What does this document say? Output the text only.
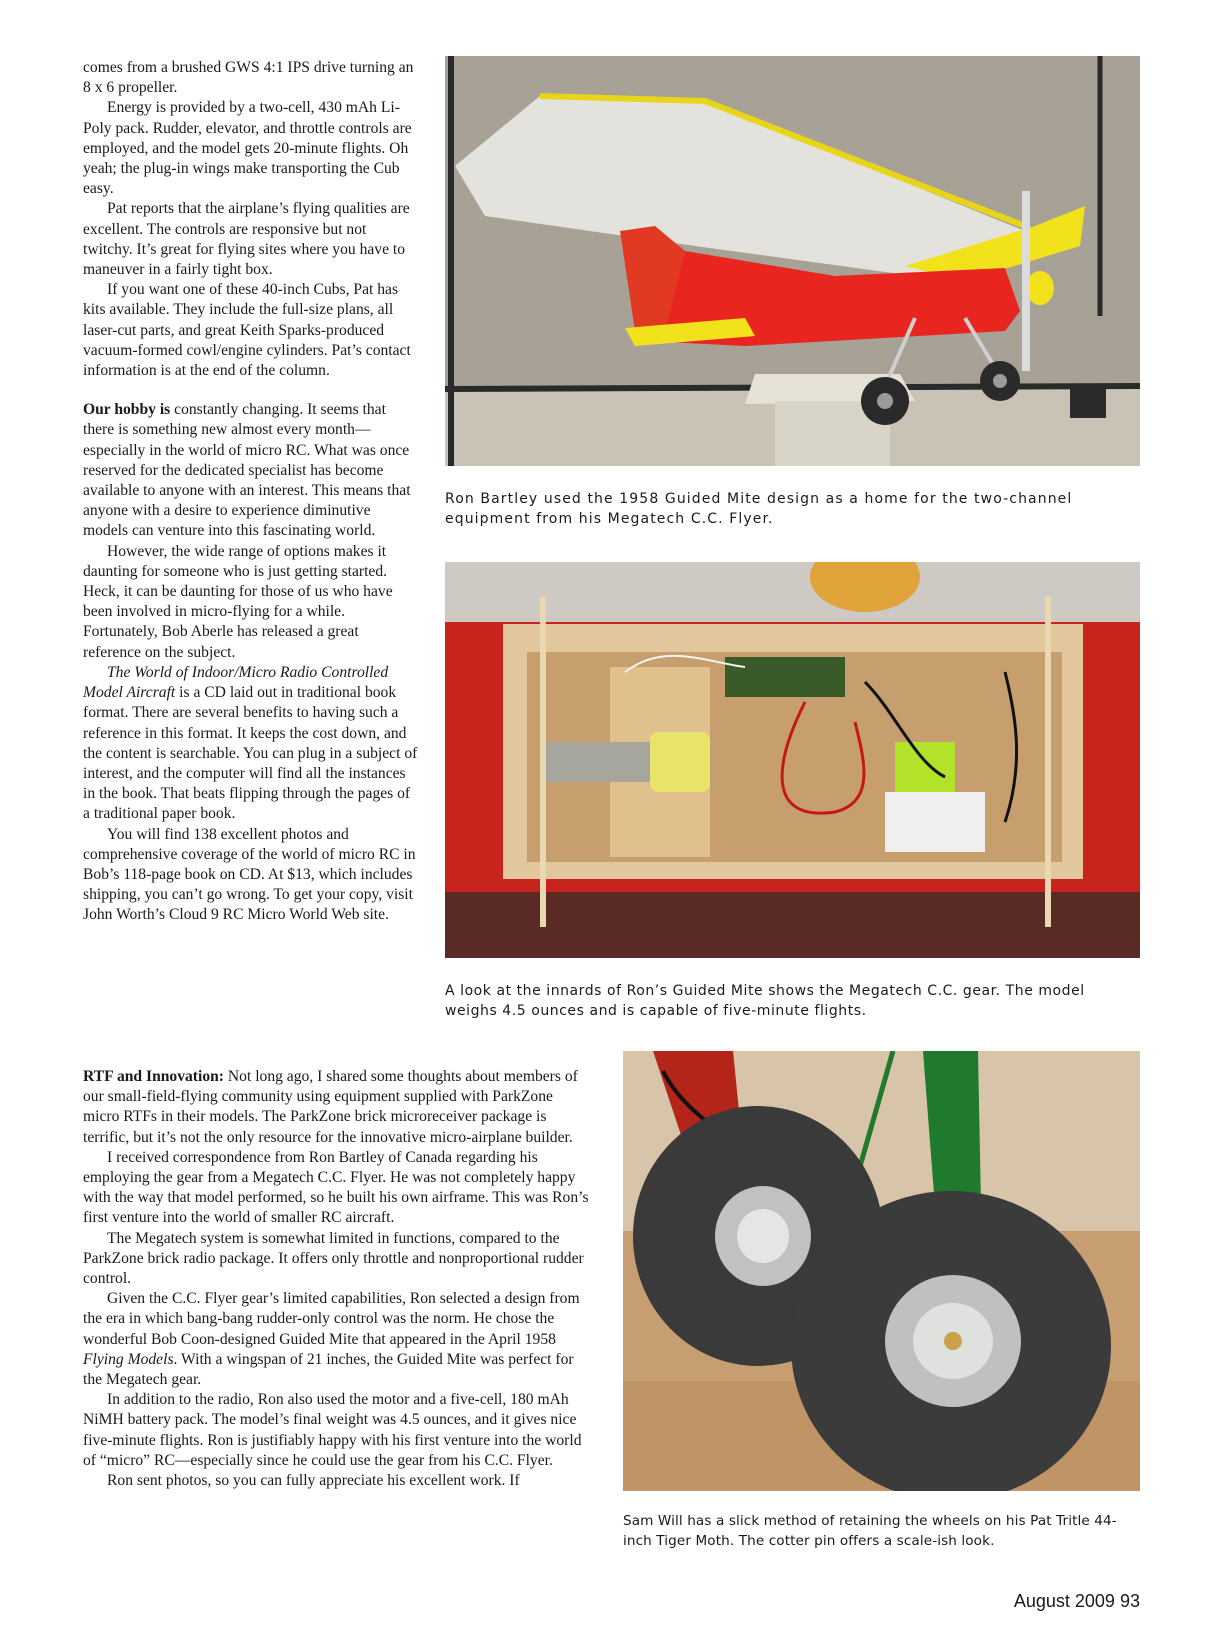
comes from a brushed GWS 4:1 IPS drive turning an 8 x 6 propeller.

Energy is provided by a two-cell, 430 mAh Li-Poly pack. Rudder, elevator, and throttle controls are employed, and the model gets 20-minute flights. Oh yeah; the plug-in wings make transporting the Cub easy.

Pat reports that the airplane’s flying qualities are excellent. The controls are responsive but not twitchy. It’s great for flying sites where you have to maneuver in a fairly tight box.

If you want one of these 40-inch Cubs, Pat has kits available. They include the full-size plans, all laser-cut parts, and great Keith Sparks-produced vacuum-formed cowl/engine cylinders. Pat’s contact information is at the end of the column.

Our hobby is constantly changing. It seems that there is something new almost every month—especially in the world of micro RC. What was once reserved for the dedicated specialist has become available to anyone with an interest. This means that anyone with a desire to experience diminutive models can venture into this fascinating world.

However, the wide range of options makes it daunting for someone who is just getting started. Heck, it can be daunting for those of us who have been involved in micro-flying for a while. Fortunately, Bob Aberle has released a great reference on the subject.

The World of Indoor/Micro Radio Controlled Model Aircraft is a CD laid out in traditional book format. There are several benefits to having such a reference in this format. It keeps the cost down, and the content is searchable. You can plug in a subject of interest, and the computer will find all the instances in the book. That beats flipping through the pages of a traditional paper book.

You will find 138 excellent photos and comprehensive coverage of the world of micro RC in Bob’s 118-page book on CD. At $13, which includes shipping, you can’t go wrong. To get your copy, visit John Worth’s Cloud 9 RC Micro World Web site.

Ron Bartley used the 1958 Guided Mite design as a home for the two-channel equipment from his Megatech C.C. Flyer.
A look at the innards of Ron’s Guided Mite shows the Megatech C.C. gear. The model weighs 4.5 ounces and is capable of five-minute flights.

RTF and Innovation: Not long ago, I shared some thoughts about members of our small-field-flying community using equipment supplied with ParkZone micro RTFs in their models. The ParkZone brick microreceiver package is terrific, but it’s not the only resource for the innovative micro-airplane builder.

I received correspondence from Ron Bartley of Canada regarding his employing the gear from a Megatech C.C. Flyer. He was not completely happy with the way that model performed, so he built his own airframe. This was Ron’s first venture into the world of smaller RC aircraft.

The Megatech system is somewhat limited in functions, compared to the ParkZone brick radio package. It offers only throttle and nonproportional rudder control.

Given the C.C. Flyer gear’s limited capabilities, Ron selected a design from the era in which bang-bang rudder-only control was the norm. He chose the wonderful Bob Coon-designed Guided Mite that appeared in the April 1958 Flying Models. With a wingspan of 21 inches, the Guided Mite was perfect for the Megatech gear.

In addition to the radio, Ron also used the motor and a five-cell, 180 mAh NiMH battery pack. The model’s final weight was 4.5 ounces, and it gives nice five-minute flights. Ron is justifiably happy with his first venture into the world of “micro” RC—especially since he could use the gear from his C.C. Flyer.

Ron sent photos, so you can fully appreciate his excellent work. If

Sam Will has a slick method of retaining the wheels on his Pat Tritle 44-inch Tiger Moth. The cotter pin offers a scale-ish look.
August 2009 93
